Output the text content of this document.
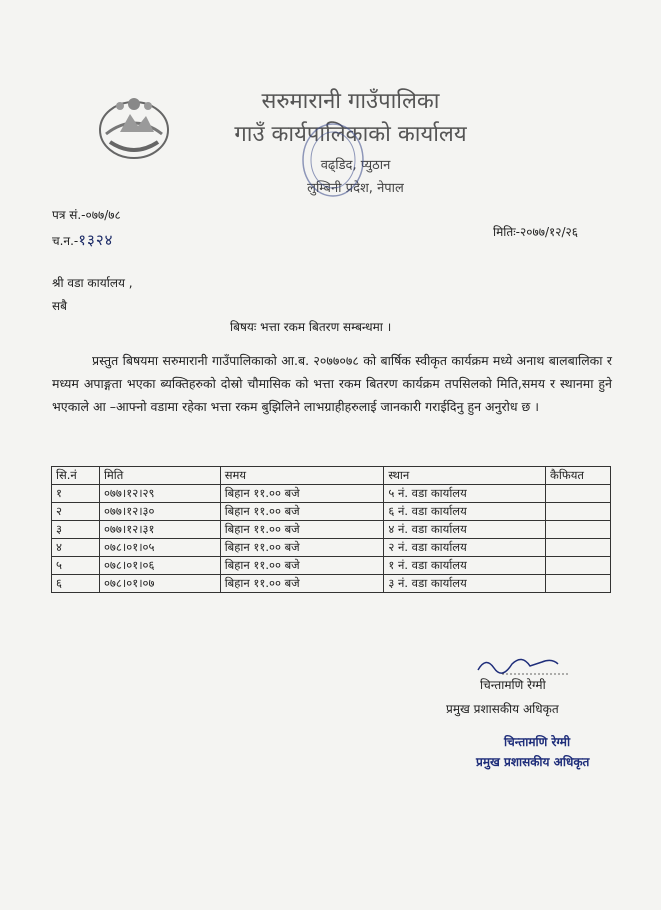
सरुमारानी गाउँपालिका
गाउँ कार्यपालिकाको कार्यालय
वढ्डिद, प्युठान
लुम्बिनी प्रदेश, नेपाल
पत्र सं.-०७७/७८
च.न.-१३२४	मितिः-२०७७/१२/२६
श्री वडा कार्यालय ,
सबै
बिषयः भत्ता रकम बितरण सम्बन्धमा ।
प्रस्तुत बिषयमा सरुमारानी गाउँपालिकाको आ.ब. २०७७०७८ को बार्षिक स्वीकृत कार्यक्रम मध्ये अनाथ बालबालिका र मध्यम अपाङ्गता भएका ब्यक्तिहरुको दोस्रो चौमासिक को भत्ता रकम बितरण कार्यक्रम तपसिलको मिति,समय र स्थानमा हुने भएकाले आ –आफ्नो वडामा रहेका भत्ता रकम बुझिलिने लाभग्राहीहरुलाई जानकारी गराईदिनु हुन अनुरोध छ ।
सि.नं	मिति	समय	स्थान	कैफियत
१	०७७।१२।२९	बिहान ११.०० बजे	५ नं. वडा कार्यालय	
२	०७७।१२।३०	बिहान ११.०० बजे	६ नं. वडा कार्यालय	
३	०७७।१२।३१	बिहान ११.०० बजे	४ नं. वडा कार्यालय	
४	०७८।०१।०५	बिहान ११.०० बजे	२ नं. वडा कार्यालय	
५	०७८।०१।०६	बिहान ११.०० बजे	१ नं. वडा कार्यालय	
६	०७८।०१।०७	बिहान ११.०० बजे	३ नं. वडा कार्यालय	
चिन्तामणि रेग्मी
प्रमुख प्रशासकीय अधिकृत
चिन्तामणि रेग्मी
प्रमुख प्रशासकीय अधिकृत
